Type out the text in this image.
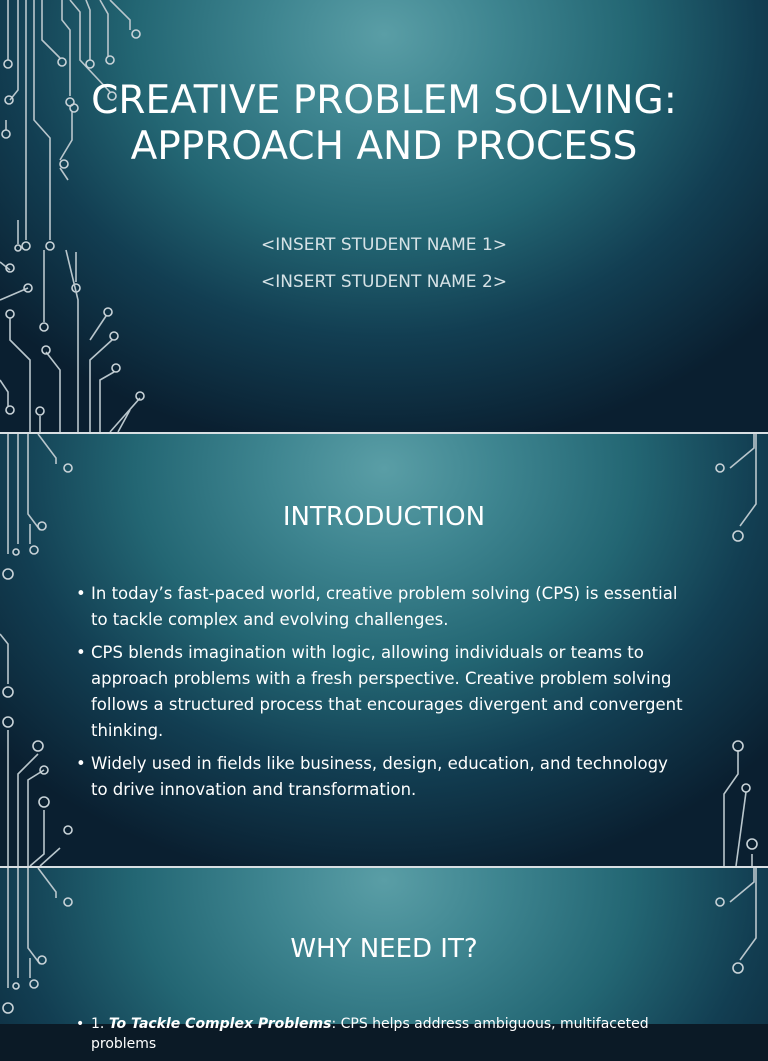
CREATIVE PROBLEM SOLVING: APPROACH AND PROCESS
<INSERT STUDENT NAME 1>
<INSERT STUDENT NAME 2>
INTRODUCTION
• In today’s fast-paced world, creative problem solving (CPS) is essential to tackle complex and evolving challenges.
• CPS blends imagination with logic, allowing individuals or teams to approach problems with a fresh perspective. Creative problem solving follows a structured process that encourages divergent and convergent thinking.
• Widely used in fields like business, design, education, and technology to drive innovation and transformation.
WHY NEED IT?
• 1. To Tackle Complex Problems: CPS helps address ambiguous, multifaceted problems
